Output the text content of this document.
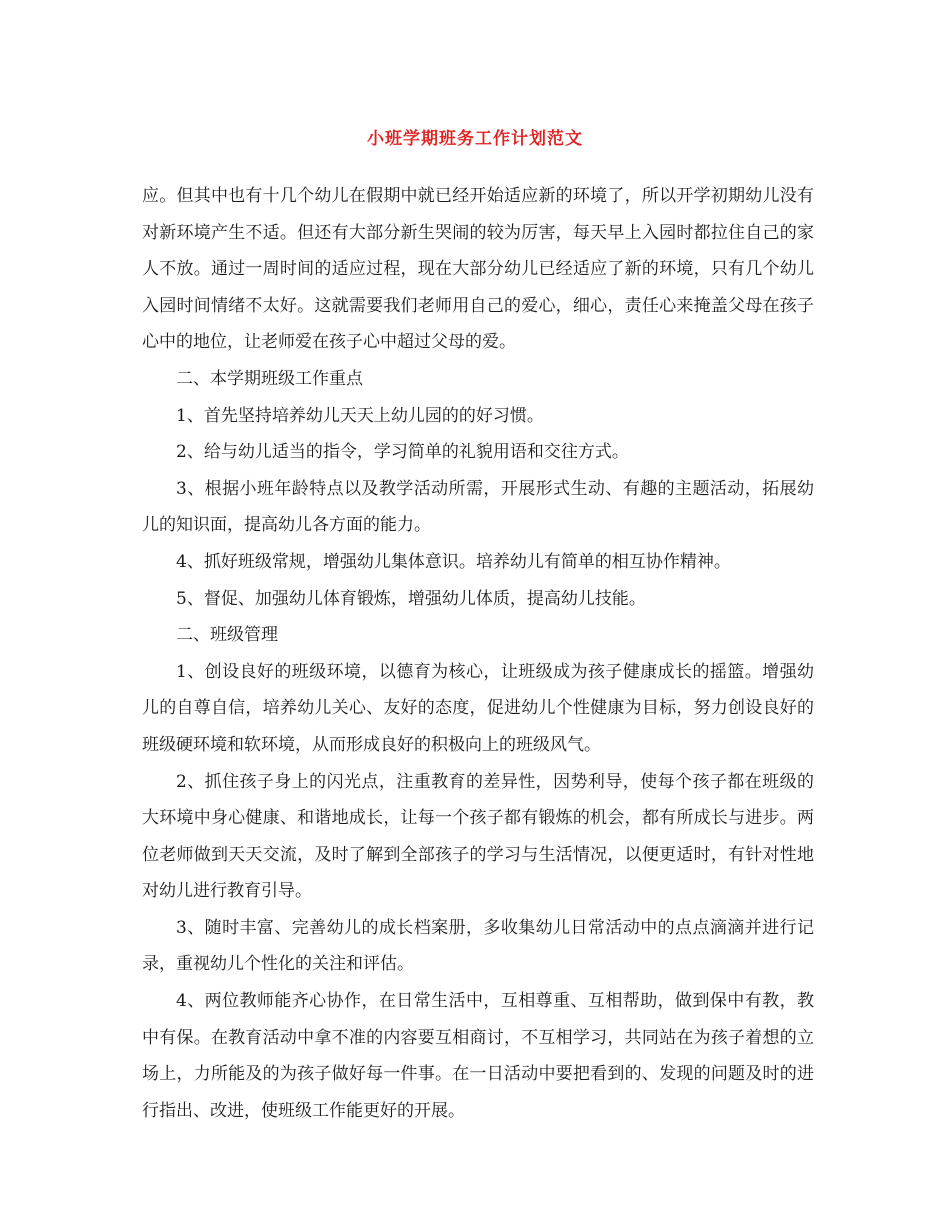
小班学期班务工作计划范文

应。但其中也有十几个幼儿在假期中就已经开始适应新的环境了，所以开学初期幼儿没有对新环境产生不适。但还有大部分新生哭闹的较为厉害，每天早上入园时都拉住自己的家人不放。通过一周时间的适应过程，现在大部分幼儿已经适应了新的环境，只有几个幼儿入园时间情绪不太好。这就需要我们老师用自己的爱心，细心，责任心来掩盖父母在孩子心中的地位，让老师爱在孩子心中超过父母的爱。

二、本学期班级工作重点

1、首先坚持培养幼儿天天上幼儿园的的好习惯。

2、给与幼儿适当的指令，学习简单的礼貌用语和交往方式。

3、根据小班年龄特点以及教学活动所需，开展形式生动、有趣的主题活动，拓展幼儿的知识面，提高幼儿各方面的能力。

4、抓好班级常规，增强幼儿集体意识。培养幼儿有简单的相互协作精神。

5、督促、加强幼儿体育锻炼，增强幼儿体质，提高幼儿技能。

二、班级管理

1、创设良好的班级环境，以德育为核心，让班级成为孩子健康成长的摇篮。增强幼儿的自尊自信，培养幼儿关心、友好的态度，促进幼儿个性健康为目标，努力创设良好的班级硬环境和软环境，从而形成良好的积极向上的班级风气。

2、抓住孩子身上的闪光点，注重教育的差异性，因势利导，使每个孩子都在班级的大环境中身心健康、和谐地成长，让每一个孩子都有锻炼的机会，都有所成长与进步。两位老师做到天天交流，及时了解到全部孩子的学习与生活情况，以便更适时，有针对性地对幼儿进行教育引导。

3、随时丰富、完善幼儿的成长档案册，多收集幼儿日常活动中的点点滴滴并进行记录，重视幼儿个性化的关注和评估。

4、两位教师能齐心协作，在日常生活中，互相尊重、互相帮助，做到保中有教，教中有保。在教育活动中拿不准的内容要互相商讨，不互相学习，共同站在为孩子着想的立场上，力所能及的为孩子做好每一件事。在一日活动中要把看到的、发现的问题及时的进行指出、改进，使班级工作能更好的开展。
